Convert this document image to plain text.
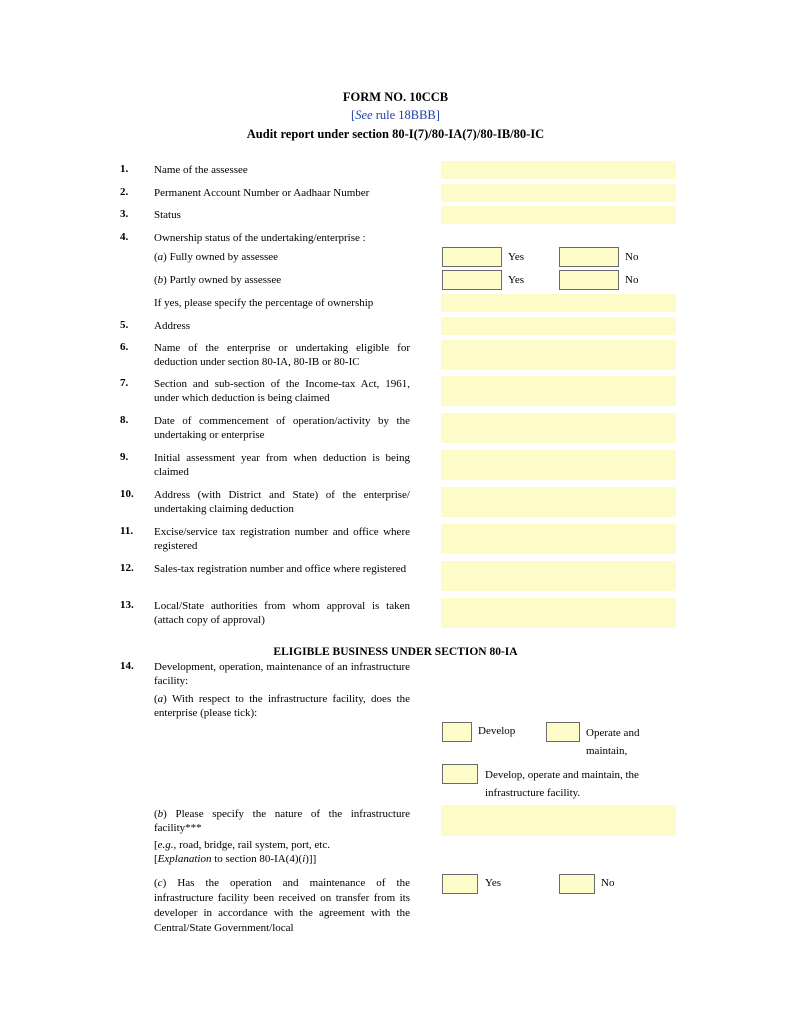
FORM NO. 10CCB
[See rule 18BBB]
Audit report under section 80-I(7)/80-IA(7)/80-IB/80-IC
1. Name of the assessee
2. Permanent Account Number or Aadhaar Number
3. Status
4. Ownership status of the undertaking/enterprise :
(a) Fully owned by assessee	Yes	No
(b) Partly owned by assessee	Yes	No
If yes, please specify the percentage of ownership
5. Address
6. Name of the enterprise or undertaking eligible for deduction under section 80-IA, 80-IB or 80-IC
7. Section and sub-section of the Income-tax Act, 1961, under which deduction is being claimed
8. Date of commencement of operation/activity by the undertaking or enterprise
9. Initial assessment year from when deduction is being claimed
10. Address (with District and State) of the enterprise/ undertaking claiming deduction
11. Excise/service tax registration number and office where registered
12. Sales-tax registration number and office where registered
13. Local/State authorities from whom approval is taken (attach copy of approval)
ELIGIBLE BUSINESS UNDER SECTION 80-IA
14. Development, operation, maintenance of an infrastructure facility:
(a) With respect to the infrastructure facility, does the enterprise (please tick):
Develop	Operate and maintain,
Develop, operate and maintain, the infrastructure facility.
(b) Please specify the nature of the infrastructure facility***
[e.g., road, bridge, rail system, port, etc.
[Explanation to section 80-IA(4)(i)]]
(c) Has the operation and maintenance of the infrastructure facility been received on transfer from its developer in accordance with the agreement with the Central/State Government/local
Yes	No
